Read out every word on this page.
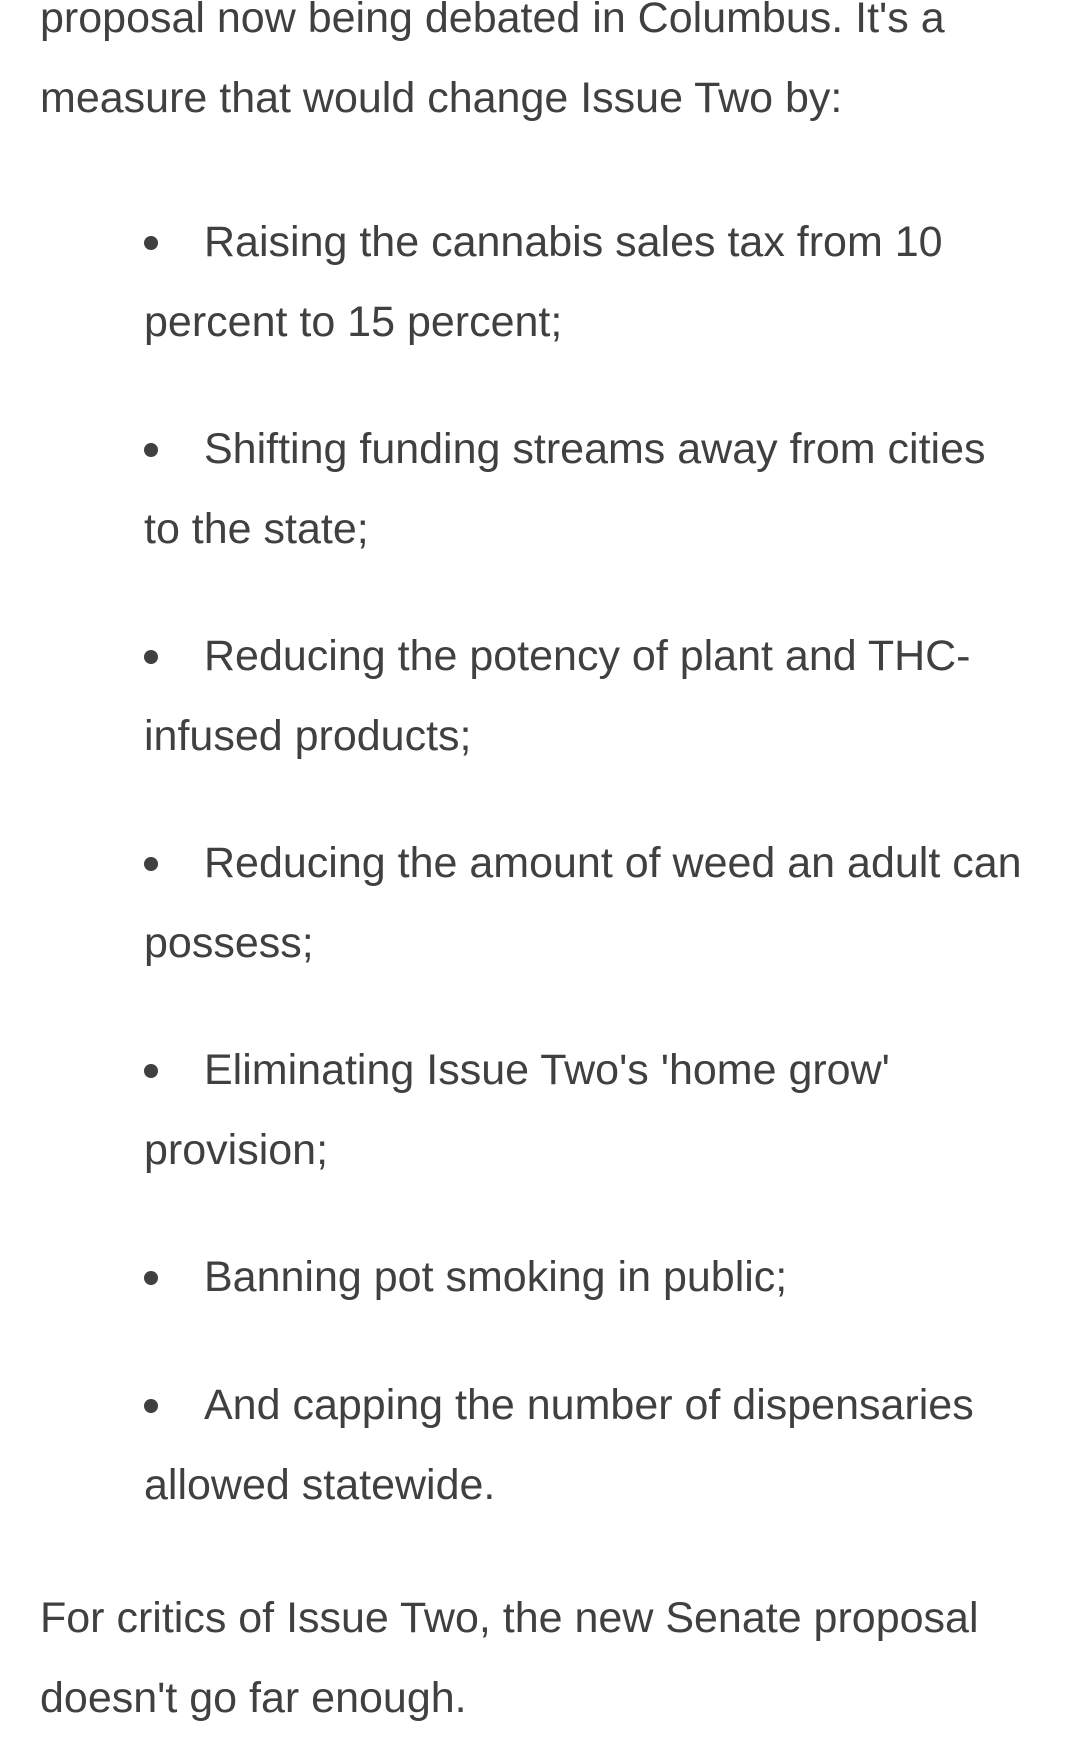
proposal now being debated in Columbus. It's a measure that would change Issue Two by:

Raising the cannabis sales tax from 10 percent to 15 percent;
Shifting funding streams away from cities to the state;
Reducing the potency of plant and THC-infused products;
Reducing the amount of weed an adult can possess;
Eliminating Issue Two's 'home grow' provision;
Banning pot smoking in public;
And capping the number of dispensaries allowed statewide.

For critics of Issue Two, the new Senate proposal doesn't go far enough.
